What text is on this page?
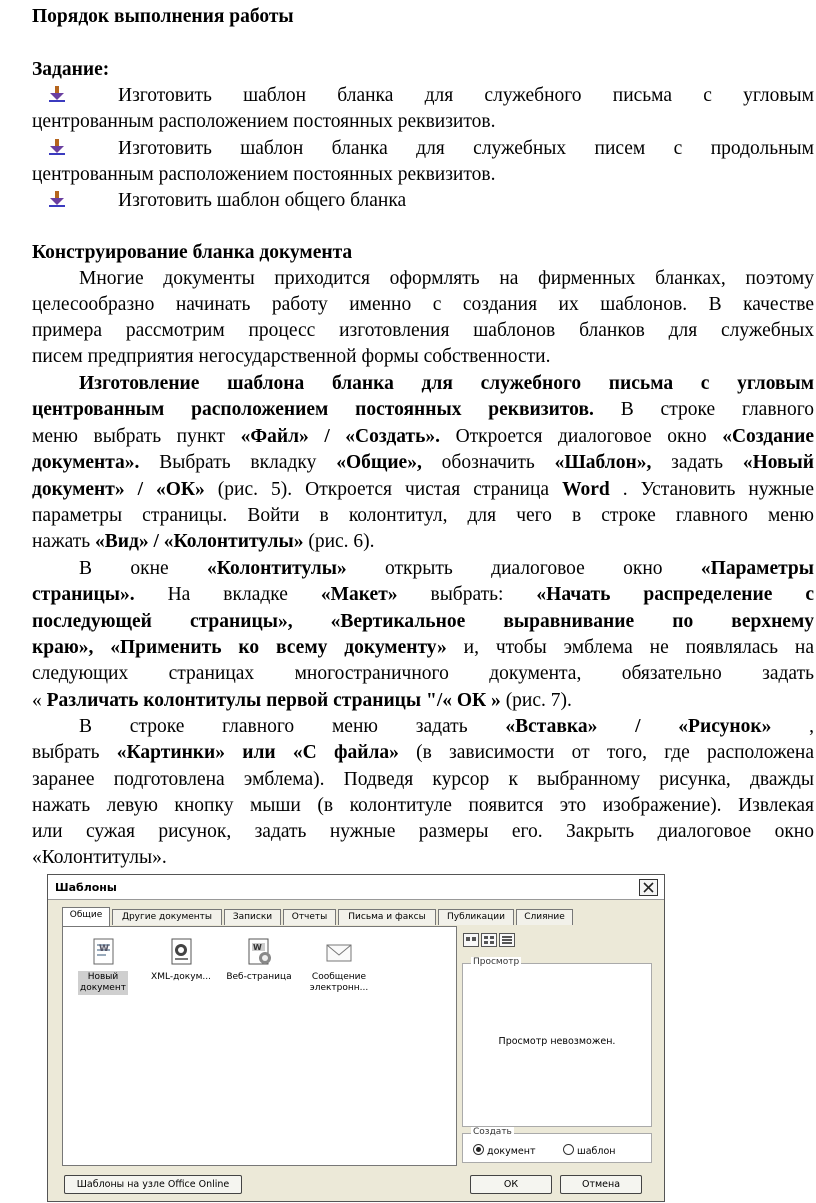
Порядок выполнения работы
Задание:
Изготовить шаблон бланка для служебного письма с угловым
центрованным расположением постоянных реквизитов.
Изготовить шаблон бланка для служебных писем с продольным
центрованным расположением постоянных реквизитов.
Изготовить шаблон общего бланка
Конструирование бланка документа
Многие документы приходится оформлять на фирменных бланках, поэтому
целесообразно начинать работу именно с создания их шаблонов. В качестве
примера рассмотрим процесс изготовления шаблонов бланков для служебных
писем предприятия негосударственной формы собственности.
Изготовление шаблона бланка для служебного письма с угловым
центрованным расположением постоянных реквизитов. В строке главного
меню выбрать пункт «Файл» / «Создать». Откроется диалоговое окно «Создание
документа». Выбрать вкладку «Общие», обозначить «Шаблон», задать «Новый
документ» / «ОК» (рис. 5). Откроется чистая страница Word . Установить нужные
параметры страницы. Войти в колонтитул, для чего в строке главного меню
нажать «Вид» / «Колонтитулы» (рис. 6).
В окне «Колонтитулы» открыть диалоговое окно «Параметры
страницы». На вкладке «Макет» выбрать: «Начать распределение с
последующей страницы», «Вертикальное выравнивание по верхнему
краю», «Применить ко всему документу» и, чтобы эмблема не появлялась на
следующих страницах многостраничного документа, обязательно задать
« Различать колонтитулы первой страницы "/« ОК » (рис. 7).
В строке главного меню задать «Вставка» / «Рисунок» ,
выбрать «Картинки» или «С файла» (в зависимости от того, где расположена
заранее подготовлена эмблема). Подведя курсор к выбранному рисунка, дважды
нажать левую кнопку мыши (в колонтитуле появится это изображение). Извлекая
или сужая рисунок, задать нужные размеры его. Закрыть диалоговое окно
«Колонтитулы».
Шаблоны
Общие	Другие документы	Записки	Отчеты	Письма и факсы	Публикации	Слияние
W
Новый
документ
XML-докум...
W
Веб-страница	Сообщение
электронн...
Просмотр
Просмотр невозможен.
Создать
документ	шаблон
Шаблоны на узле Office Online	ОК	Отмена
